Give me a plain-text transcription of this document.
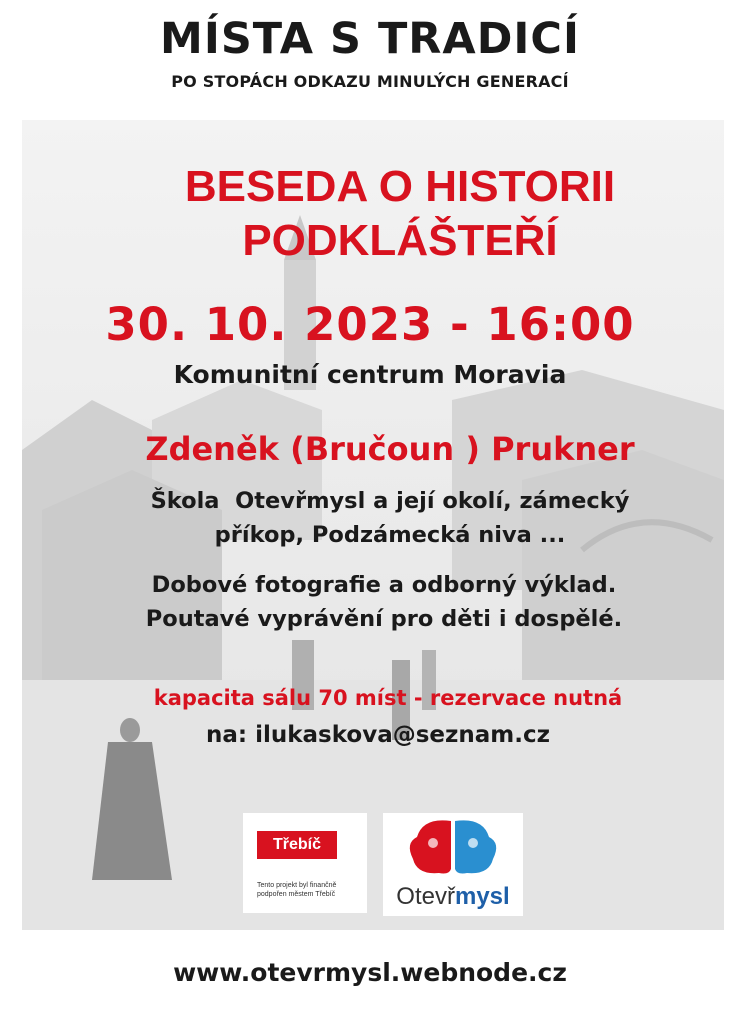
MÍSTA S TRADICÍ
PO STOPÁCH ODKAZU MINULÝCH GENERACÍ
BESEDA O HISTORII
PODKLÁŠTEŘÍ
30. 10. 2023 - 16:00
Komunitní centrum Moravia
Zdeněk (Bručoun ) Prukner
Škola  Otevřmysl a její okolí, zámecký
příkop, Podzámecká niva ...
Dobové fotografie a odborný výklad.
Poutavé vyprávění pro děti i dospělé.
kapacita sálu 70 míst - rezervace nutná
na: ilukaskova@seznam.cz
Třebíč
Tento projekt byl finančně podpořen městem Třebíč	Otevřmysl
www.otevrmysl.webnode.cz
